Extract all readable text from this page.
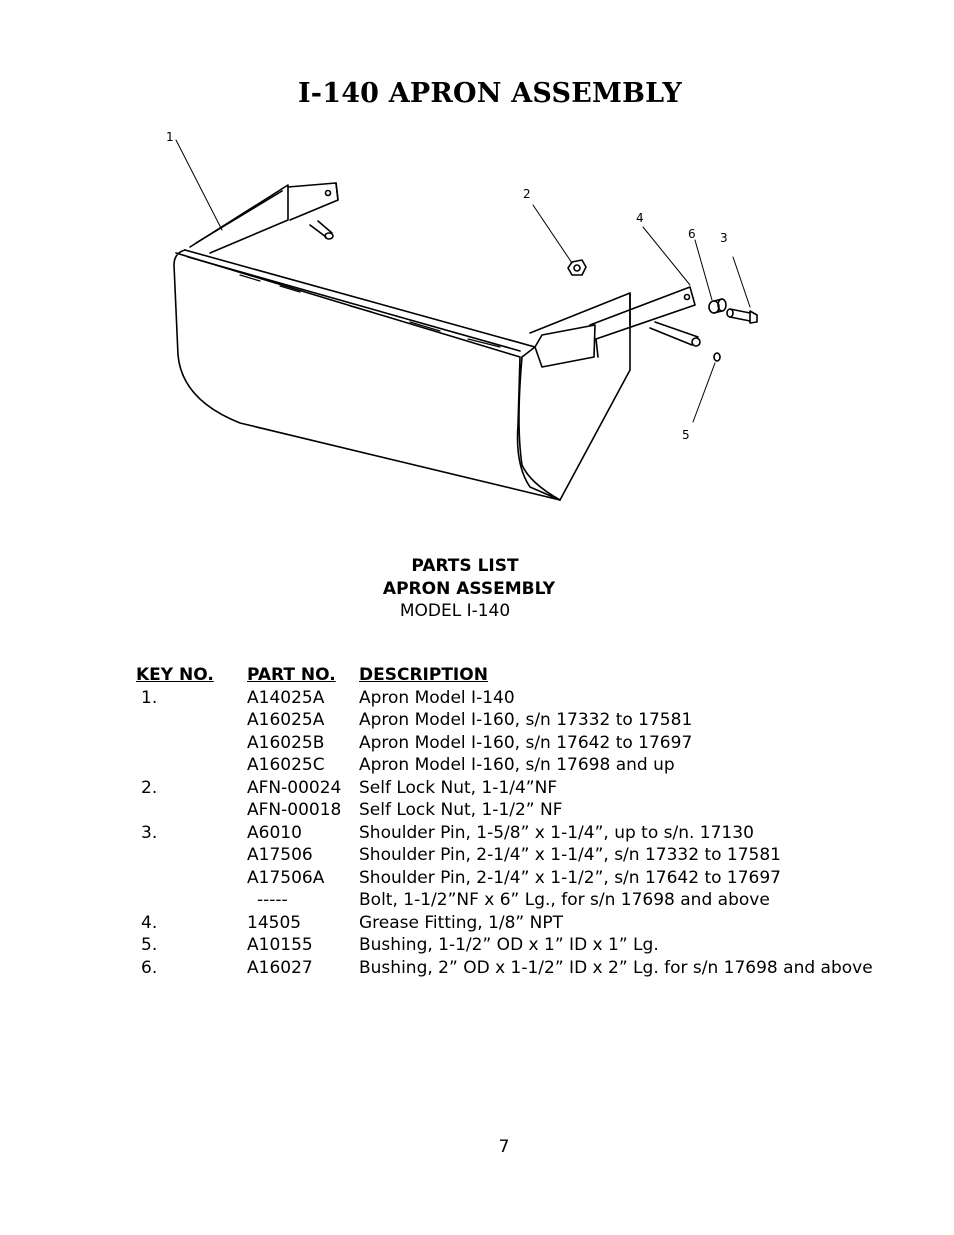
I-140 APRON ASSEMBLY
1
2
4
6 3
5
PARTS LIST
APRON ASSEMBLY
MODEL I-140
KEY NO. PART NO. DESCRIPTION
1.	A14025A Apron Model I-140
A16025A Apron Model I-160, s/n 17332 to 17581
A16025B Apron Model I-160, s/n 17642 to 17697
A16025C Apron Model I-160, s/n 17698 and up
2.	AFN-00024 Self Lock Nut, 1-1/4”NF
AFN-00018 Self Lock Nut, 1-1/2” NF
3.	A6010	Shoulder Pin, 1-5/8” x 1-1/4”, up to s/n. 17130
A17506	Shoulder Pin, 2-1/4” x 1-1/4”, s/n 17332 to 17581
A17506A Shoulder Pin, 2-1/4” x 1-1/2”, s/n 17642 to 17697
-----	Bolt, 1-1/2”NF x 6” Lg., for s/n 17698 and above
4.	14505	Grease Fitting, 1/8” NPT
5.	A10155	Bushing, 1-1/2” OD x 1” ID x 1” Lg.
6.	A16027	Bushing, 2” OD x 1-1/2” ID x 2” Lg. for s/n 17698 and above
7
